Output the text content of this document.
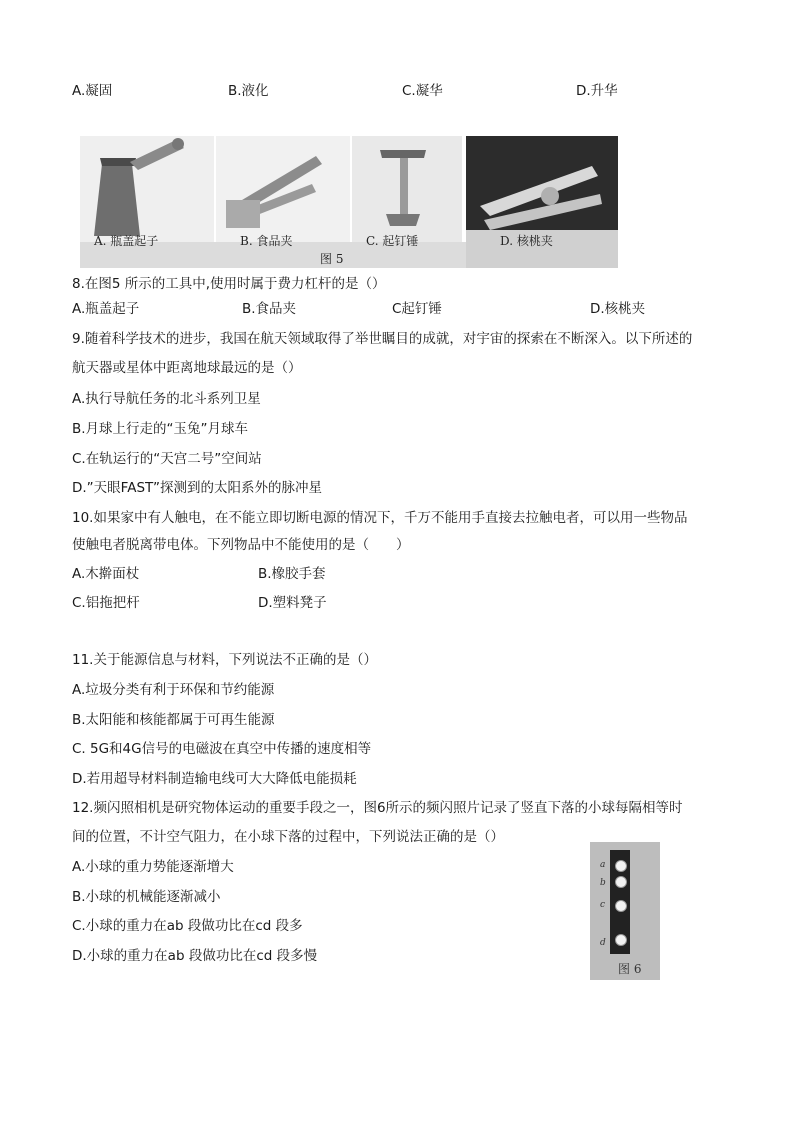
A.凝固	B.液化	C.凝华	D.升华
A. 瓶盖起子	B. 食品夹	C. 起钉锤	D. 核桃夹
图 5
8.在图5 所示的工具中,使用时属于费力杠杆的是（）
A.瓶盖起子	B.食品夹	C起钉锤	D.核桃夹
9.随着科学技术的进步，我国在航天领域取得了举世瞩目的成就，对宇宙的探索在不断深入。以下所述的
航天器或星体中距离地球最远的是（）
A.执行导航任务的北斗系列卫星
B.月球上行走的“玉兔”月球车
C.在轨运行的“天宫二号”空间站
D.”天眼FAST”探测到的太阳系外的脉冲星
10.如果家中有人触电，在不能立即切断电源的情况下，千万不能用手直接去拉触电者，可以用一些物品
使触电者脱离带电体。下列物品中不能使用的是（　　）
A.木擀面杖	B.橡胶手套
C.铝拖把杆	D.塑料凳子
11.关于能源信息与材料，下列说法不正确的是（）
A.垃圾分类有利于环保和节约能源
B.太阳能和核能都属于可再生能源
C. 5G和4G信号的电磁波在真空中传播的速度相等
D.若用超导材料制造输电线可大大降低电能损耗
12.频闪照相机是研究物体运动的重要手段之一，图6所示的频闪照片记录了竖直下落的小球每隔相等时
间的位置，不计空气阻力，在小球下落的过程中，下列说法正确的是（）
A.小球的重力势能逐渐增大
B.小球的机械能逐渐减小
C.小球的重力在ab 段做功比在cd 段多
D.小球的重力在ab 段做功比在cd 段多慢
a
b
c
d
图 6
